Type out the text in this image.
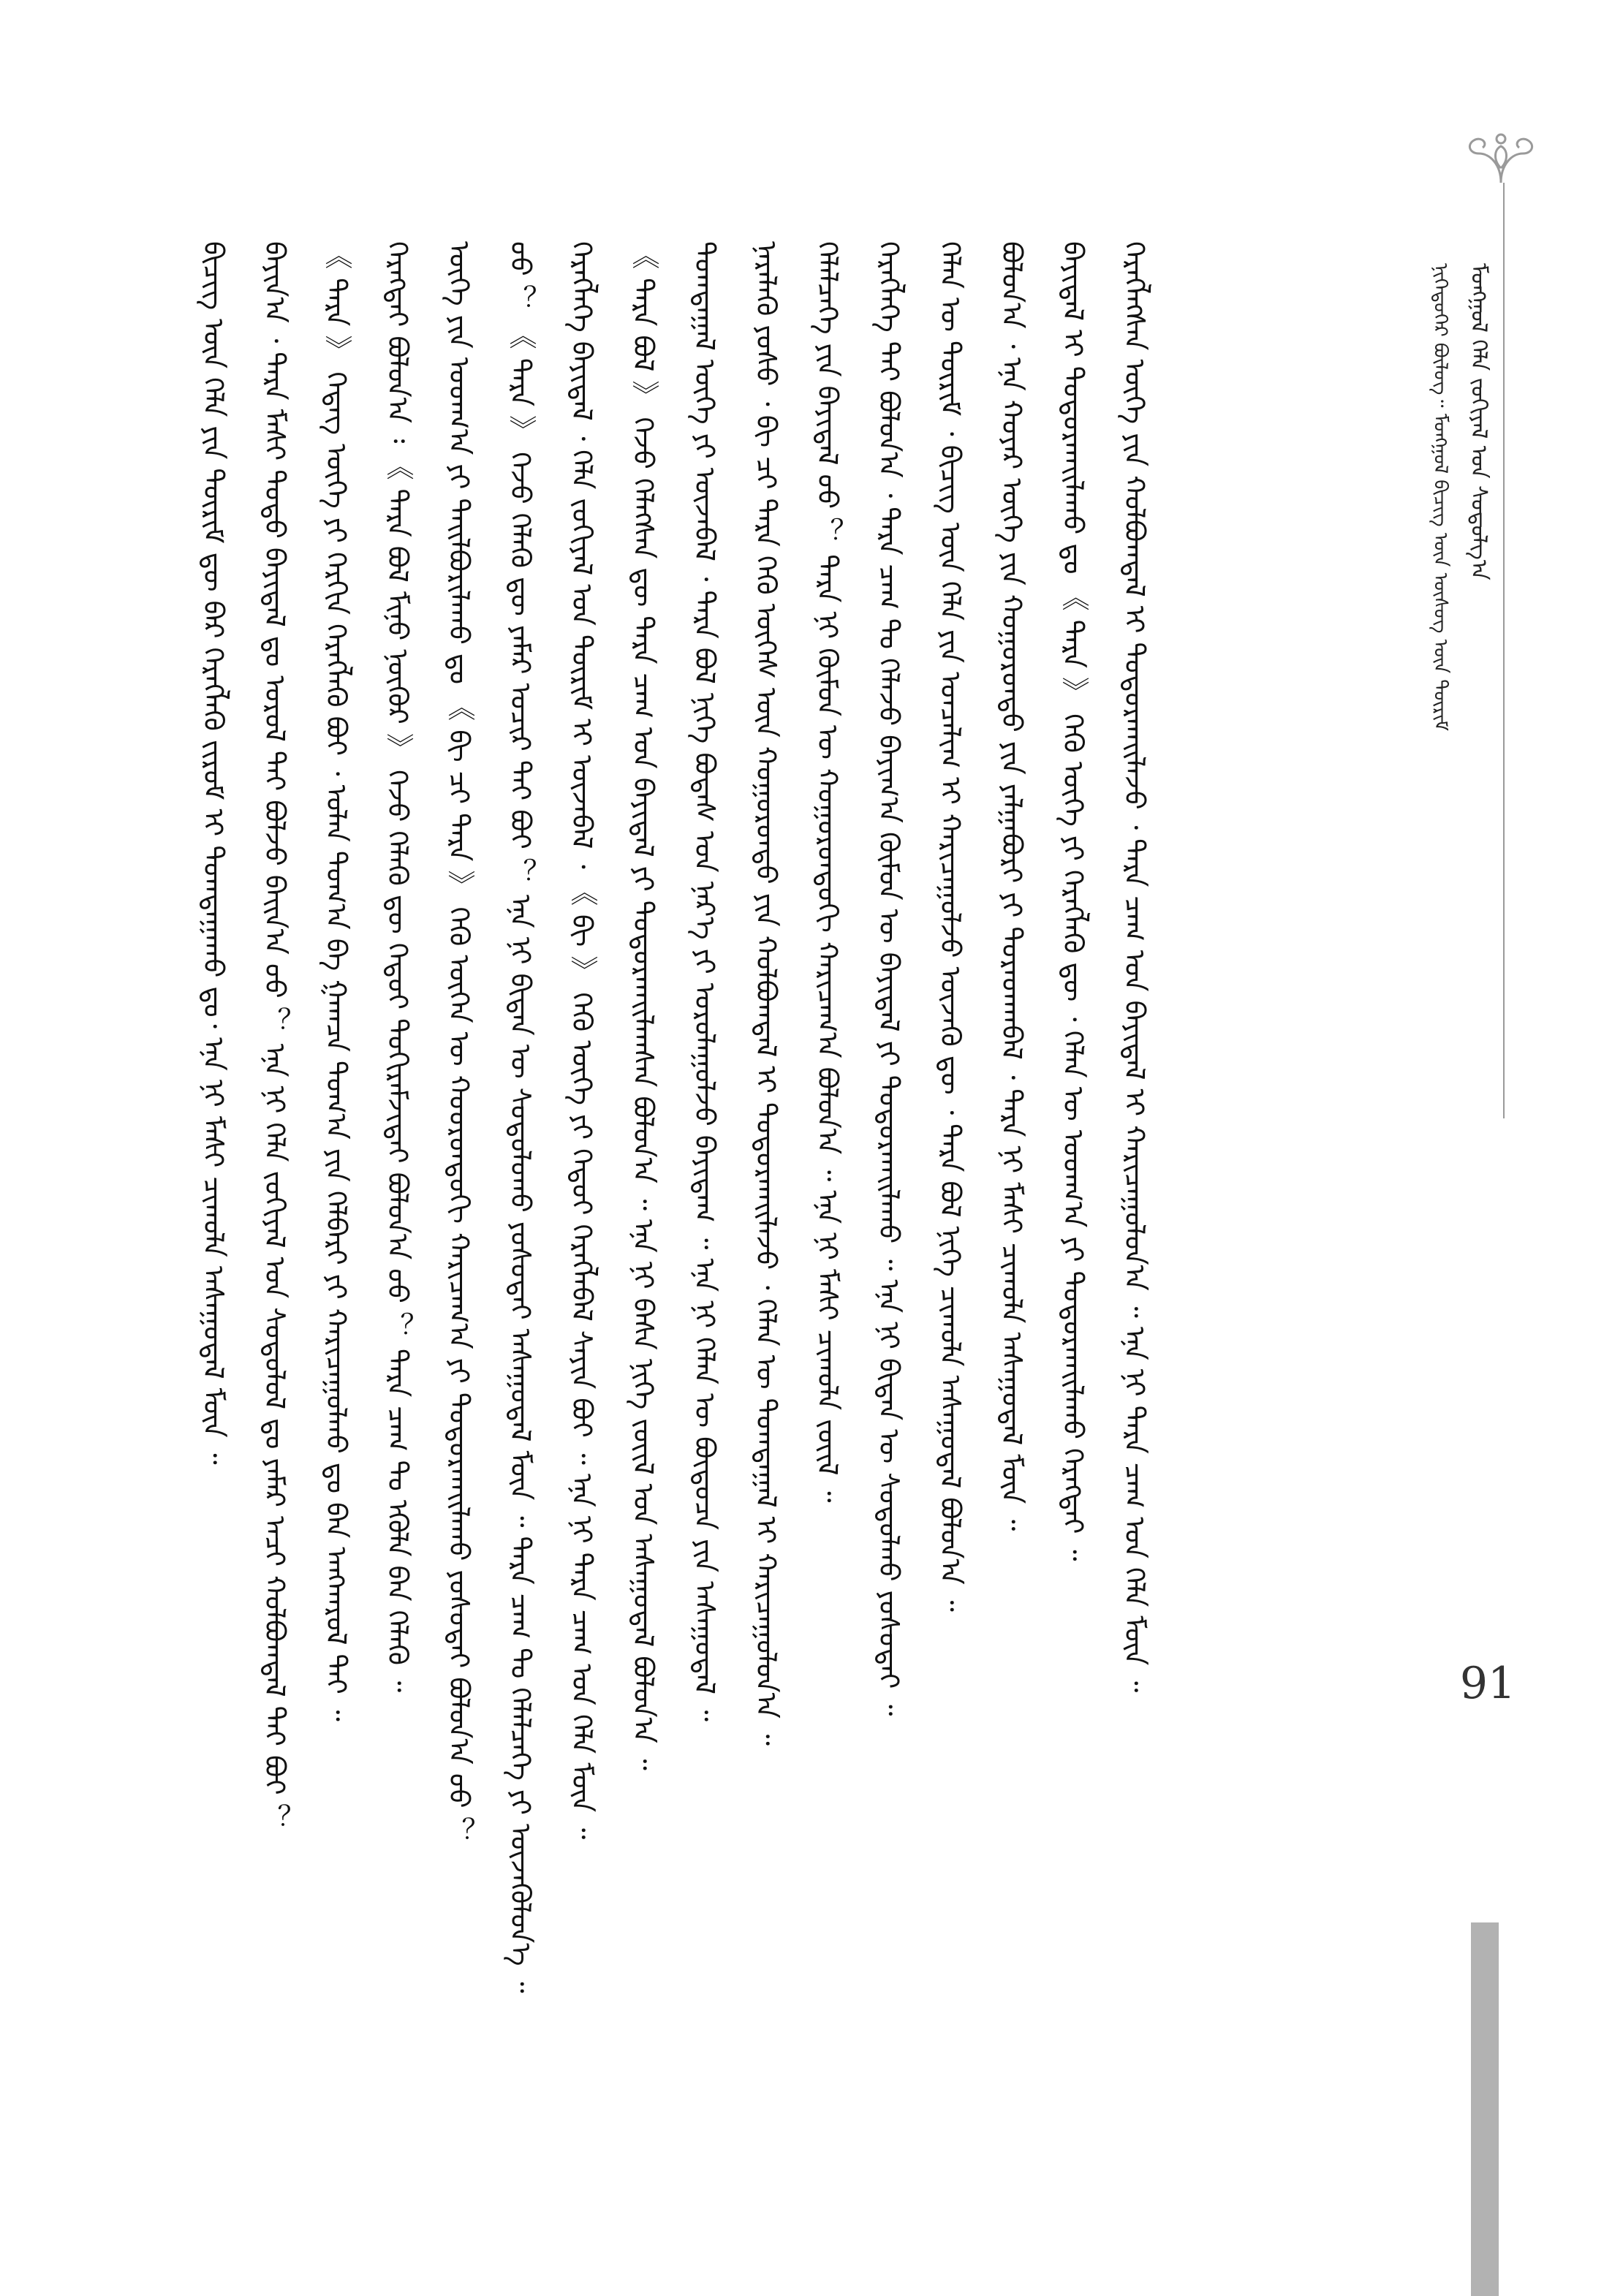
ᠮᠣᠩᠭᠣᠯ ᠬᠡᠯᠡ ᠵᠣᠬᠢᠶᠠᠯ ᠤᠨ ᠰᠤᠳᠤᠯᠭ᠎ᠠ
ᠨᠢᠭᠡᠳᠦᠭᠡᠷ ᠪᠦᠯᠦᠭ᠃ ᠮᠣᠩᠭᠣᠯ ᠪᠢᠴᠢᠭ ᠦᠨ ᠦᠰᠦᠭ ᠦᠨ ᠳᠦᠷᠢᠮ
ᠪᠢᠴᠢᠭ᠌ ᠦᠨ ᠬᠡᠯᠡ ᠶᠢᠨ ᠳᠦᠷᠢᠮ ᠳᠦ ᠪᠠᠷ ᠬᠡᠷᠡᠭᠯᠡᠬᠦ ᠵᠢᠷᠤᠮ ᠢ ᠲᠣᠭᠲᠠᠭᠠᠬᠤ ᠳᠤ᠂ ᠡᠨᠡ ᠨᠢ ᠮᠠᠰᠢ ᠴᠢᠬᠤᠯᠠ ᠠᠰᠠᠭᠤᠳᠠᠯ ᠮᠥᠨ ᠃	ᠪᠠᠶᠢᠨ᠎ᠠ ᠂ ᠲᠡᠷᠡ ᠮᠠᠰᠢ ᠲᠣᠳᠣ ᠪᠠᠶᠢᠳᠠᠯ ᠳᠤ ᠣᠷᠣᠯ ᠲᠡᠢ ᠪᠣᠯᠵᠤ ᠪᠠᠢᠨ᠎ᠠ ᠤᠤ ？ ᠡᠨᠡ ᠨᠢ ᠬᠡᠯᠡ ᠵᠣᠬᠢᠶᠠᠯ ᠤᠨ ᠰᠤᠳᠤᠯᠤᠯ ᠳᠤ ᠶᠠᠮᠠᠷ ᠠᠴᠢ ᠬᠣᠯᠪᠣᠭᠳᠠᠯ ᠲᠠᠢ ᠪᠣᠢ ？	《 ᠲᠡᠷᠡ 》 ᠬᠡᠳᠡᠭ ᠦᠭᠡ ᠶᠢ ᠬᠡᠷᠬᠢᠨ ᠬᠡᠷᠡᠭᠯᠡᠬᠦ ᠪᠤᠢ ᠂ ᠣᠯᠠᠨ ᠲᠣᠭ᠎ᠠ ᠪᠠ ᠭᠠᠭᠴᠠ ᠲᠣᠭ᠎ᠠ ᠶᠢᠨ ᠬᠡᠯᠪᠡᠷᠢ ᠶᠢ ᠬᠠᠷᠢᠴᠠᠭᠤᠯᠬᠤ ᠳᠤ ᠪᠠᠨ ᠠᠩᠬᠠᠷᠤᠯ ᠲᠠᠢ ᠃	ᠬᠡᠷᠡᠭᠲᠡᠢ ᠪᠣᠯᠤᠨ᠎ᠠ ᠄ 《 ᠲᠡᠷᠡ ᠪᠣᠯ ᠮᠢᠨᠦ ᠨᠥᠬᠥᠷ 》 ᠬᠡᠵᠦ ᠬᠡᠯᠡᠬᠦ ᠳᠦ ᠬᠡᠳᠦᠢ ᠲᠣᠬᠢᠷᠠᠮᠵᠢᠲᠠᠢ ᠪᠣᠯᠤᠨ᠎ᠠ ᠤᠤ ？ ᠲᠡᠷᠡ ᠴᠠᠭ ᠲᠤ ᠡᠭᠦᠯᠡ ᠪᠠᠨ ᠬᠡᠯᠡᠬᠦ ᠃	ᠦᠭᠡ ᠶᠢᠨ ᠤᠳᠬ᠎ᠠ ᠶᠢ ᠲᠠᠢᠯᠪᠤᠷᠢᠯᠠᠬᠤ ᠳᠤ 《 ᠪᠢ ᠴᠢ ᠲᠡᠷᠡ 》 ᠭᠡᠬᠦ ᠦᠭᠡᠨ ᠦ ᠬᠣᠣᠷᠣᠨᠳᠤᠬᠢ ᠬᠠᠷᠢᠴᠠᠭ᠎ᠠ ᠶᠢ ᠲᠣᠳᠣᠷᠬᠠᠢᠯᠠᠬᠤ ᠶᠣᠰᠣᠲᠠᠢ ᠪᠣᠯᠤᠨ᠎ᠠ ᠤᠤ ？	ᠤᠤ ？ 《 ᠲᠡᠷᠡ 》 ᠬᠡᠵᠦ ᠬᠡᠯᠡᠬᠦ ᠳᠦ ᠶᠠᠮᠠᠷ ᠤᠴᠢᠷ ᠲᠠᠢ ᠪᠤᠢ ？ ᠡᠨᠡ ᠨᠢ ᠪᠢᠳᠡᠨ ᠦ ᠰᠤᠳᠤᠯᠤᠬᠤ ᠶᠣᠰᠣᠲᠠᠢ ᠠᠰᠠᠭᠤᠳᠠᠯ ᠮᠥᠨ ᠃ ᠲᠡᠷᠡ ᠴᠠᠭ ᠲᠤ ᠬᠡᠯᠡᠯᠴᠡᠭᠡ ᠶᠢ ᠦᠵᠡᠭᠦᠯᠦᠨ᠎ᠡ ᠃	ᠬᠡᠷᠡᠭᠯᠡᠭᠡ ᠪᠠᠶᠢᠳᠠᠯ ᠂ ᠬᠡᠯᠡ ᠵᠣᠬᠢᠶᠠᠯ ᠤᠨ ᠳᠦᠷᠢᠮ ᠢ ᠦᠵᠡᠪᠡᠯ ᠂ 《 ᠪᠢ 》 ᠭᠡᠬᠦ ᠦᠭᠡ ᠶᠢ ᠬᠡᠳᠦᠢ ᠬᠡᠷᠡᠭᠯᠡᠪᠡᠯ ᠰᠠᠶᠢᠨ ᠪᠤᠢ ᠃ ᠡᠨᠡ ᠨᠢ ᠲᠡᠷᠡ ᠴᠠᠭ ᠤᠨ ᠬᠡᠯᠡ ᠮᠥᠨ ᠃	《 ᠲᠡᠷᠡ ᠪᠣᠯ 》 ᠬᠡᠵᠦ ᠬᠡᠯᠡᠭᠰᠡᠨ ᠳᠦ ᠲᠡᠷᠡ ᠴᠠᠭ ᠤᠨ ᠪᠠᠶᠢᠳᠠᠯ ᠶᠢ ᠲᠣᠳᠣᠷᠬᠠᠢᠯᠠᠭᠰᠠᠨ ᠪᠣᠯᠤᠨ᠎ᠠ ᠃ ᠡᠨᠡ ᠨᠢ ᠪᠠᠰᠠ ᠨᠢᠭᠡ ᠵᠦᠢᠯ ᠤᠨ ᠠᠰᠠᠭᠤᠳᠠᠯ ᠪᠣᠯᠤᠨ᠎ᠠ ᠃	ᠲᠣᠭᠲᠠᠭᠠᠯ ᠦᠭᠡ ᠶᠢ ᠦᠵᠡᠪᠡᠯ ᠂ ᠲᠡᠷᠡ ᠪᠣᠯ ᠨᠢᠭᠡ ᠪᠣᠳᠠᠰ ᠤᠨ ᠨᠡᠷ᠎ᠡ ᠶᠢ ᠣᠷᠣᠯᠠᠭᠤᠯᠵᠤ ᠪᠠᠶᠢᠳᠠᠭ ᠃ ᠡᠨᠡ ᠨᠢ ᠬᠡᠯᠡᠨ ᠦ ᠪᠦᠲᠦᠴᠡ ᠶᠢᠨ ᠠᠰᠠᠭᠤᠳᠠᠯ ᠃	ᠨᠡᠷᠡᠯᠡᠬᠦ ᠶᠣᠰᠣ ᠂ ᠪᠢ ᠴᠢ ᠲᠡᠷᠡ ᠭᠡᠬᠦ ᠦᠭᠡᠰ ᠦᠨ ᠬᠣᠭᠣᠷᠣᠨᠳᠣ ᠶᠢᠨ ᠬᠣᠯᠪᠣᠭᠳᠠᠯ ᠢ ᠲᠣᠳᠣᠷᠬᠠᠢᠯᠠᠵᠤ ᠂ ᠬᠡᠯᠡᠨ ᠦ ᠲᠣᠭᠲᠠᠭᠠᠯ ᠢ ᠬᠠᠷᠢᠴᠠᠭᠤᠯᠤᠨ᠎ᠠ ᠃	ᠬᠡᠯᠡᠯᠴᠡᠭᠡ ᠶᠢᠨ ᠪᠠᠶᠢᠳᠠᠯ ᠤᠤ ？ ᠲᠡᠷᠡ ᠨᠢ ᠬᠦᠮᠦᠨ ᠦ ᠬᠣᠭᠣᠷᠣᠨᠳᠣᠬᠢ ᠬᠠᠷᠢᠴᠠᠭ᠎ᠠ ᠪᠣᠯᠤᠨ᠎ᠠ ᠃ ᠡᠨᠡ ᠨᠢ ᠮᠠᠰᠢ ᠴᠢᠬᠤᠯᠠ ᠵᠦᠢᠯ ᠃	ᠬᠡᠷᠡᠭᠯᠡᠭᠡ ᠲᠠᠢ ᠪᠣᠯᠤᠨ᠎ᠠ ᠂ ᠲᠡᠷᠡ ᠴᠠᠭ ᠲᠤ ᠬᠡᠯᠡᠵᠦ ᠪᠠᠶᠢᠭ᠎ᠠ ᠬᠦᠮᠦᠨ ᠦ ᠪᠠᠶᠢᠳᠠᠯ ᠶᠢ ᠲᠣᠳᠣᠷᠬᠠᠢᠯᠠᠬᠤ ᠃ ᠡᠨᠡ ᠨᠢ ᠪᠢᠳᠡᠨ ᠦ ᠰᠤᠳᠤᠯᠬᠤ ᠶᠣᠰᠣᠲᠠᠢ ᠃	ᠬᠡᠯᠡᠨ ᠦ ᠳᠦᠷᠢᠮ ᠂ ᠪᠢᠴᠢᠭ ᠦᠨ ᠬᠡᠯᠡ ᠶᠢᠨ ᠤᠨᠴᠠᠯᠢᠭ ᠢ ᠬᠠᠷᠢᠴᠠᠭᠤᠯᠵᠤ ᠦᠵᠡᠬᠦ ᠳᠦ ᠂ ᠲᠡᠷᠡ ᠪᠣᠯ ᠨᠢᠭᠡ ᠴᠢᠬᠤᠯᠠ ᠠᠰᠠᠭᠤᠳᠠᠯ ᠪᠣᠯᠤᠨ᠎ᠠ ᠃	ᠪᠣᠯᠤᠨ᠎ᠠ ᠂ ᠡᠨᠡ ᠬᠣᠶᠠᠷ ᠦᠭᠡ ᠶᠢᠨ ᠬᠣᠭᠣᠷᠣᠨᠳᠣ ᠶᠢᠨ ᠶᠠᠯᠭᠠᠪᠣᠷᠢ ᠶᠢ ᠳᠤᠷᠠᠳᠬᠠᠪᠠᠯ ᠂ ᠲᠡᠷᠡ ᠨᠢ ᠮᠠᠰᠢ ᠴᠢᠬᠤᠯᠠ ᠠᠰᠠᠭᠤᠳᠠᠯ ᠮᠥᠨ ᠃	ᠪᠠᠶᠢᠳᠠᠯ ᠢ ᠲᠣᠳᠣᠷᠬᠠᠢᠯᠠᠬᠤ ᠳᠤ 《 ᠲᠡᠷᠡ 》 ᠭᠡᠬᠦ ᠦᠭᠡ ᠶᠢ ᠬᠡᠷᠡᠭᠯᠡᠬᠦ ᠳᠦ ᠂ ᠬᠡᠯᠡᠨ ᠦ ᠤᠳᠬ᠎ᠠ ᠶᠢ ᠲᠣᠳᠣᠷᠬᠠᠢᠯᠠᠬᠤ ᠬᠡᠷᠡᠭᠲᠡᠢ ᠃	ᠬᠡᠷᠡᠭᠯᠡᠭᠰᠡᠨ ᠦᠭᠡ ᠶᠢᠨ ᠬᠣᠯᠪᠣᠭᠳᠠᠯ ᠢ ᠲᠣᠳᠣᠷᠬᠠᠢᠯᠠᠵᠤ ᠂ ᠲᠡᠷᠡ ᠴᠠᠭ ᠤᠨ ᠪᠠᠶᠢᠳᠠᠯ ᠢ ᠬᠠᠷᠢᠴᠠᠭᠤᠯᠤᠨ᠎ᠠ ᠃ ᠡᠨᠡ ᠨᠢ ᠲᠡᠷᠡ ᠴᠠᠭ ᠤᠨ ᠬᠡᠯᠡ ᠮᠥᠨ ᠃	91
